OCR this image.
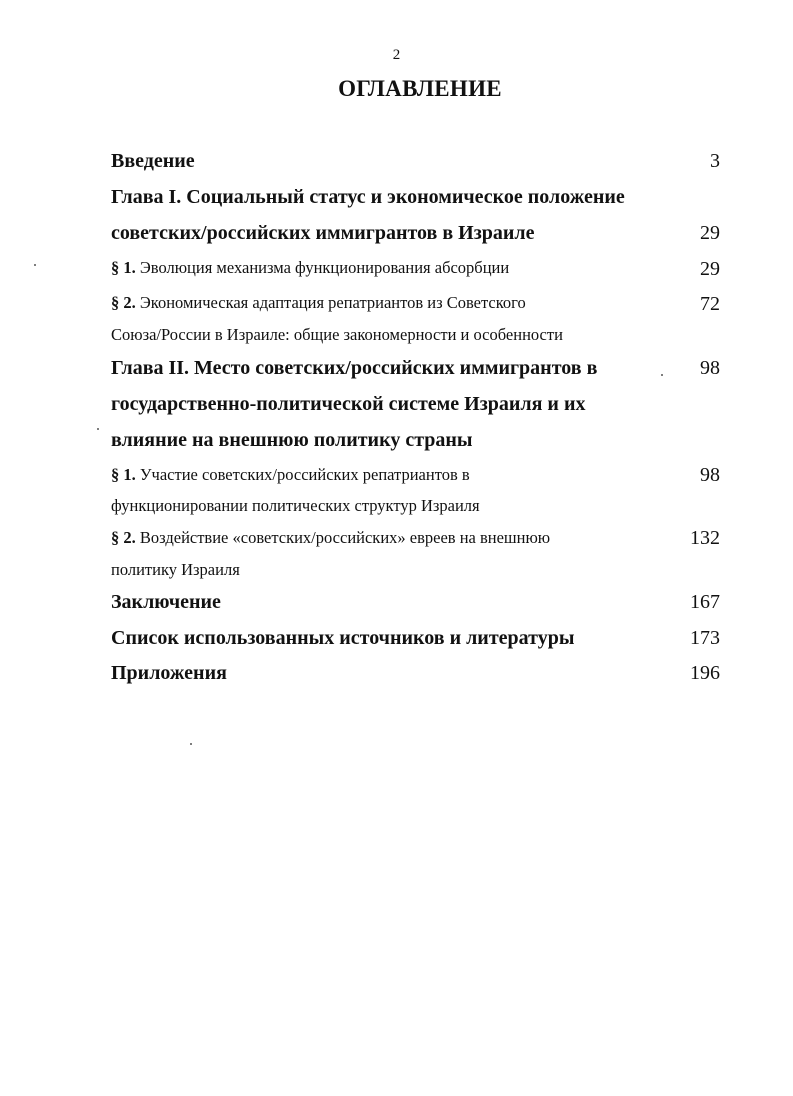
2
ОГЛАВЛЕНИЕ
Введение	3
Глава I. Социальный статус и экономическое положение
советских/российских иммигрантов в Израиле	29
§ 1. Эволюция механизма функционирования абсорбции	29
§ 2. Экономическая адаптация репатриантов из Советского	72
Союза/России в Израиле: общие закономерности и особенности
Глава II. Место советских/российских иммигрантов в	98
государственно-политической системе Израиля и их
влияние на внешнюю политику страны
§ 1. Участие советских/российских репатриантов в	98
функционировании политических структур Израиля
§ 2. Воздействие «советских/российских» евреев на внешнюю	132
политику Израиля
Заключение	167
Список использованных источников и литературы	173
Приложения	196
